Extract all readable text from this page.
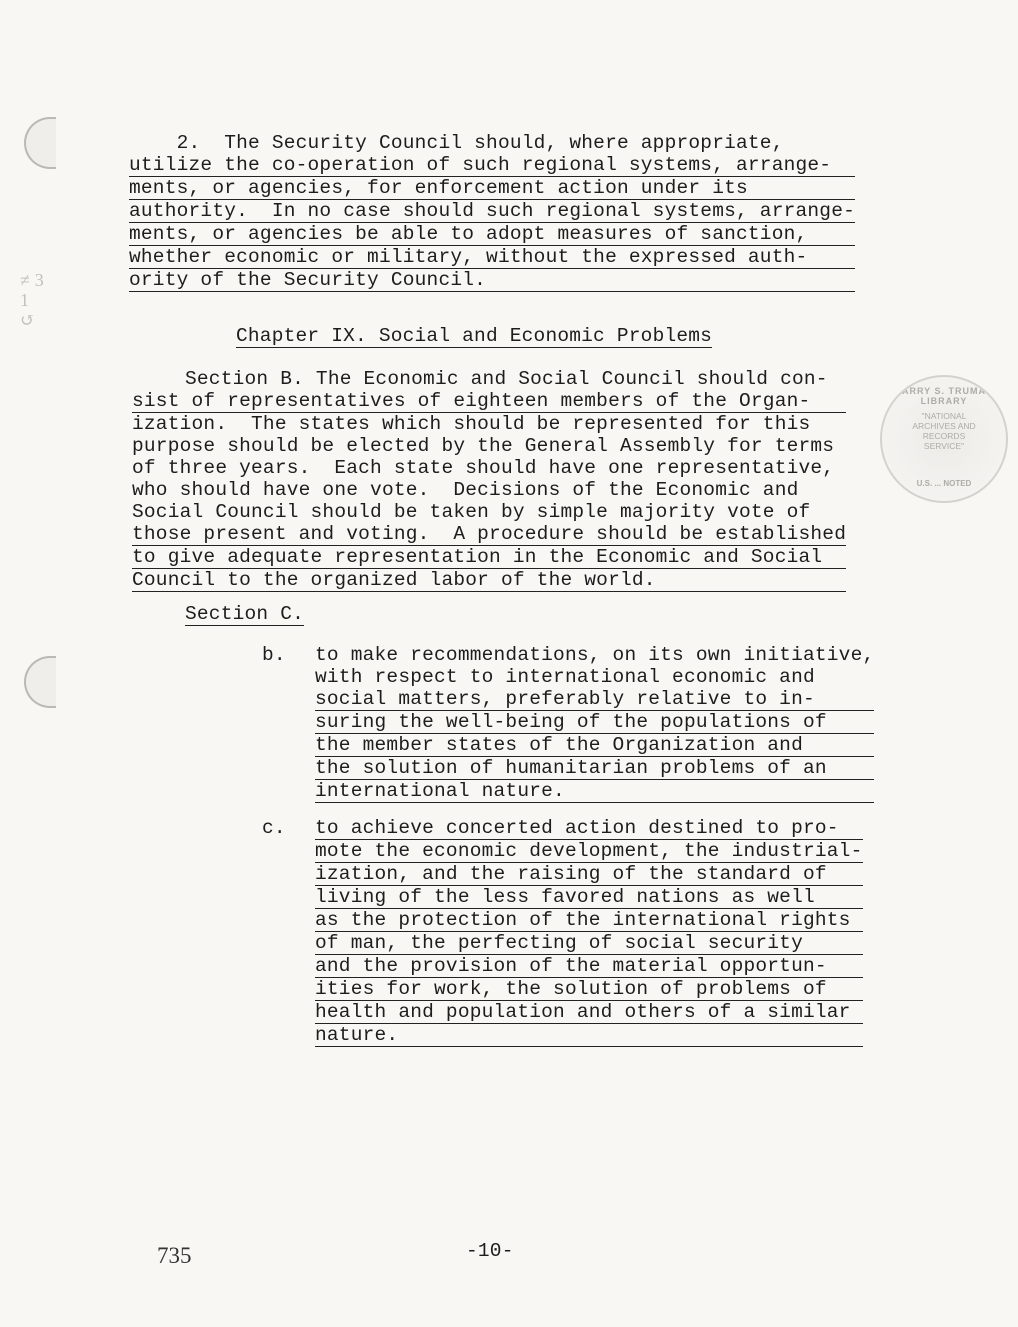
≠ 3
1
↺
2.  The Security Council should, where appropriate,
utilize the co-operation of such regional systems, arrange-
ments, or agencies, for enforcement action under its
authority.  In no case should such regional systems, arrange-
ments, or agencies be able to adopt measures of sanction,
whether economic or military, without the expressed auth-
ority of the Security Council.
Chapter IX. Social and Economic Problems
Section B. The Economic and Social Council should con-
sist of representatives of eighteen members of the Organ-
ization.  The states which should be represented for this
purpose should be elected by the General Assembly for terms
of three years.  Each state should have one representative,
who should have one vote.  Decisions of the Economic and
Social Council should be taken by simple majority vote of
those present and voting.  A procedure should be established
to give adequate representation in the Economic and Social
Council to the organized labor of the world.
Section C.
b. to make recommendations, on its own initiative,
with respect to international economic and
social matters, preferably relative to in-
suring the well-being of the populations of
the member states of the Organization and
the solution of humanitarian problems of an
international nature.
c. to achieve concerted action destined to pro-
mote the economic development, the industrial-
ization, and the raising of the standard of
living of the less favored nations as well
as the protection of the international rights
of man, the perfecting of social security
and the provision of the material opportun-
ities for work, the solution of problems of
health and population and others of a similar
nature.
HARRY S. TRUMAN LIBRARY
"NATIONAL
ARCHIVES AND
RECORDS
SERVICE"
U.S. ... NOTED
735	-10-
